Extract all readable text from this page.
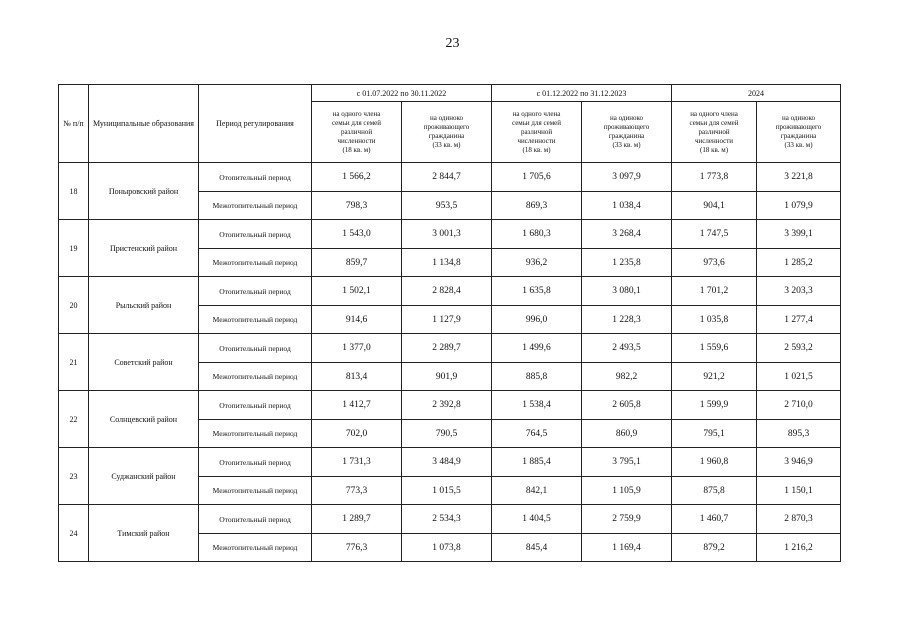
23
№ п/п	Муниципальные образования	Период регулирования	с 01.07.2022 по 30.11.2022		с 01.12.2022 по 31.12.2023		2024	

			на одного члена
семьи для семей
различной
численности
(18 кв. м)	на одиноко
проживающего
гражданина
(33 кв. м)	на одного члена
семьи для семей
различной
численности
(18 кв. м)	на одиноко
проживающего
гражданина
(33 кв. м)	на одного члена
семьи для семей
различной
численности
(18 кв. м)	на одиноко
проживающего
гражданина
(33 кв. м)

18	Поныровский район	Отопительный период	1 566,2	2 844,7	1 705,6	3 097,9	1 773,8	3 221,8
		Межотопительный период	798,3	953,5	869,3	1 038,4	904,1	1 079,9
19	Пристенский район	Отопительный период	1 543,0	3 001,3	1 680,3	3 268,4	1 747,5	3 399,1
		Межотопительный период	859,7	1 134,8	936,2	1 235,8	973,6	1 285,2
20	Рыльский район	Отопительный период	1 502,1	2 828,4	1 635,8	3 080,1	1 701,2	3 203,3
		Межотопительный период	914,6	1 127,9	996,0	1 228,3	1 035,8	1 277,4
21	Советский район	Отопительный период	1 377,0	2 289,7	1 499,6	2 493,5	1 559,6	2 593,2
		Межотопительный период	813,4	901,9	885,8	982,2	921,2	1 021,5
22	Солнцевский район	Отопительный период	1 412,7	2 392,8	1 538,4	2 605,8	1 599,9	2 710,0
		Межотопительный период	702,0	790,5	764,5	860,9	795,1	895,3
23	Суджанский район	Отопительный период	1 731,3	3 484,9	1 885,4	3 795,1	1 960,8	3 946,9
		Межотопительный период	773,3	1 015,5	842,1	1 105,9	875,8	1 150,1
24	Тимский район	Отопительный период	1 289,7	2 534,3	1 404,5	2 759,9	1 460,7	2 870,3
		Межотопительный период	776,3	1 073,8	845,4	1 169,4	879,2	1 216,2
